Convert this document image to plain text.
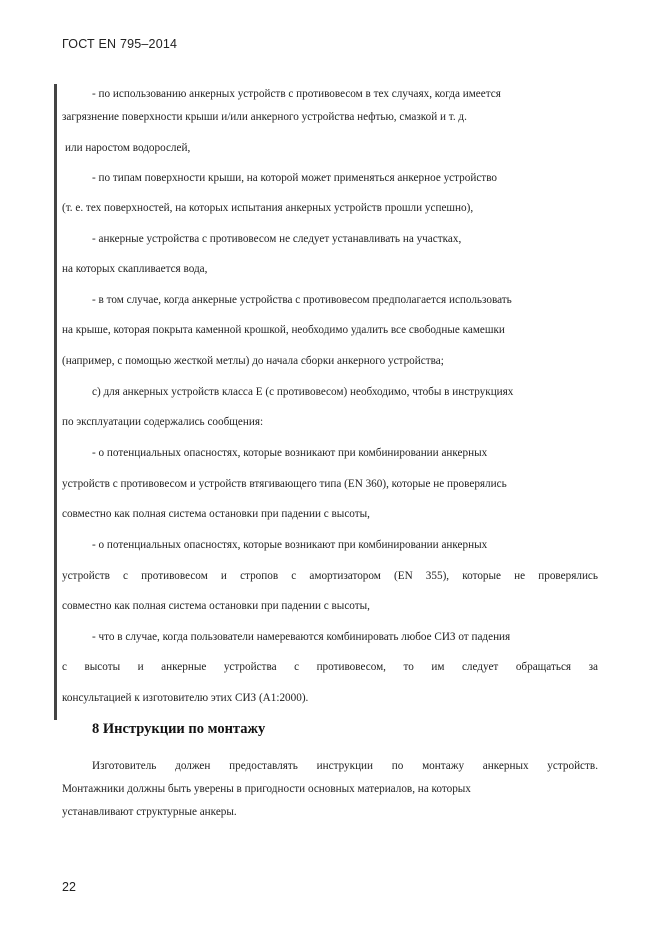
ГОСТ EN 795–2014
- по использованию анкерных устройств с противовесом в тех случаях, когда имеется
загрязнение поверхности крыши и/или анкерного устройства нефтью, смазкой и т. д.
или наростом водорослей,
- по типам поверхности крыши, на которой может применяться анкерное устройство
(т. е. тех поверхностей, на которых испытания анкерных устройств прошли успешно),
- анкерные устройства с противовесом не следует устанавливать на участках,
на которых скапливается вода,
- в том случае, когда анкерные устройства с противовесом предполагается использовать
на крыше, которая покрыта каменной крошкой, необходимо удалить все свободные камешки
(например, с помощью жесткой метлы) до начала сборки анкерного устройства;
c) для анкерных устройств класса E (с противовесом) необходимо, чтобы в инструкциях
по эксплуатации содержались сообщения:
- о потенциальных опасностях, которые возникают при комбинировании анкерных
устройств с противовесом и устройств втягивающего типа (EN 360), которые не проверялись
совместно как полная система остановки при падении с высоты,
- о потенциальных опасностях, которые возникают при комбинировании анкерных
устройств с противовесом и стропов с амортизатором (EN 355), которые не проверялись
совместно как полная система остановки при падении с высоты,
- что в случае, когда пользователи намереваются комбинировать любое СИЗ от падения
с высоты и анкерные устройства с противовесом, то им следует обращаться за
консультацией к изготовителю этих СИЗ (A1:2000).
8 Инструкции по монтажу
Изготовитель должен предоставлять инструкции по монтажу анкерных устройств.
Монтажники должны быть уверены в пригодности основных материалов, на которых
устанавливают структурные анкеры.
22
